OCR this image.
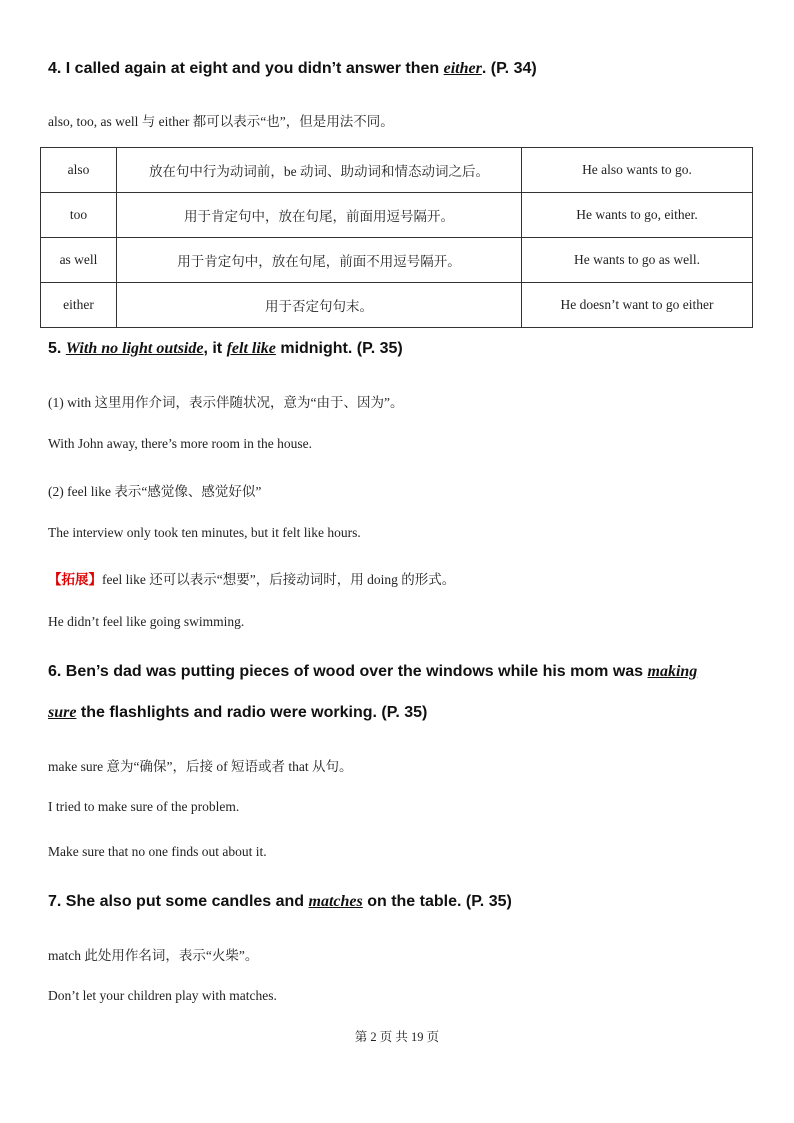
4. I called again at eight and you didn’t answer then either. (P. 34)
also, too, as well 与 either 都可以表示“也”，但是用法不同。
also	放在句中行为动词前，be 动词、助动词和情态动词之后。	He also wants to go.
too	用于肯定句中，放在句尾，前面用逗号隔开。	He wants to go, either.
as well	用于肯定句中，放在句尾，前面不用逗号隔开。	He wants to go as well.
either	用于否定句句末。	He doesn’t want to go either
5. With no light outside, it felt like midnight. (P. 35)
(1) with 这里用作介词，表示伴随状况，意为“由于、因为”。
With John away, there’s more room in the house.
(2) feel like 表示“感觉像、感觉好似”
The interview only took ten minutes, but it felt like hours.
【拓展】feel like 还可以表示“想要”，后接动词时，用 doing 的形式。
He didn’t feel like going swimming.
6. Ben’s dad was putting pieces of wood over the windows while his mom was making
sure the flashlights and radio were working. (P. 35)
make sure 意为“确保”，后接 of 短语或者 that 从句。
I tried to make sure of the problem.
Make sure that no one finds out about it.
7. She also put some candles and matches on the table. (P. 35)
match 此处用作名词，表示“火柴”。
Don’t let your children play with matches.
第 2 页 共 19 页
